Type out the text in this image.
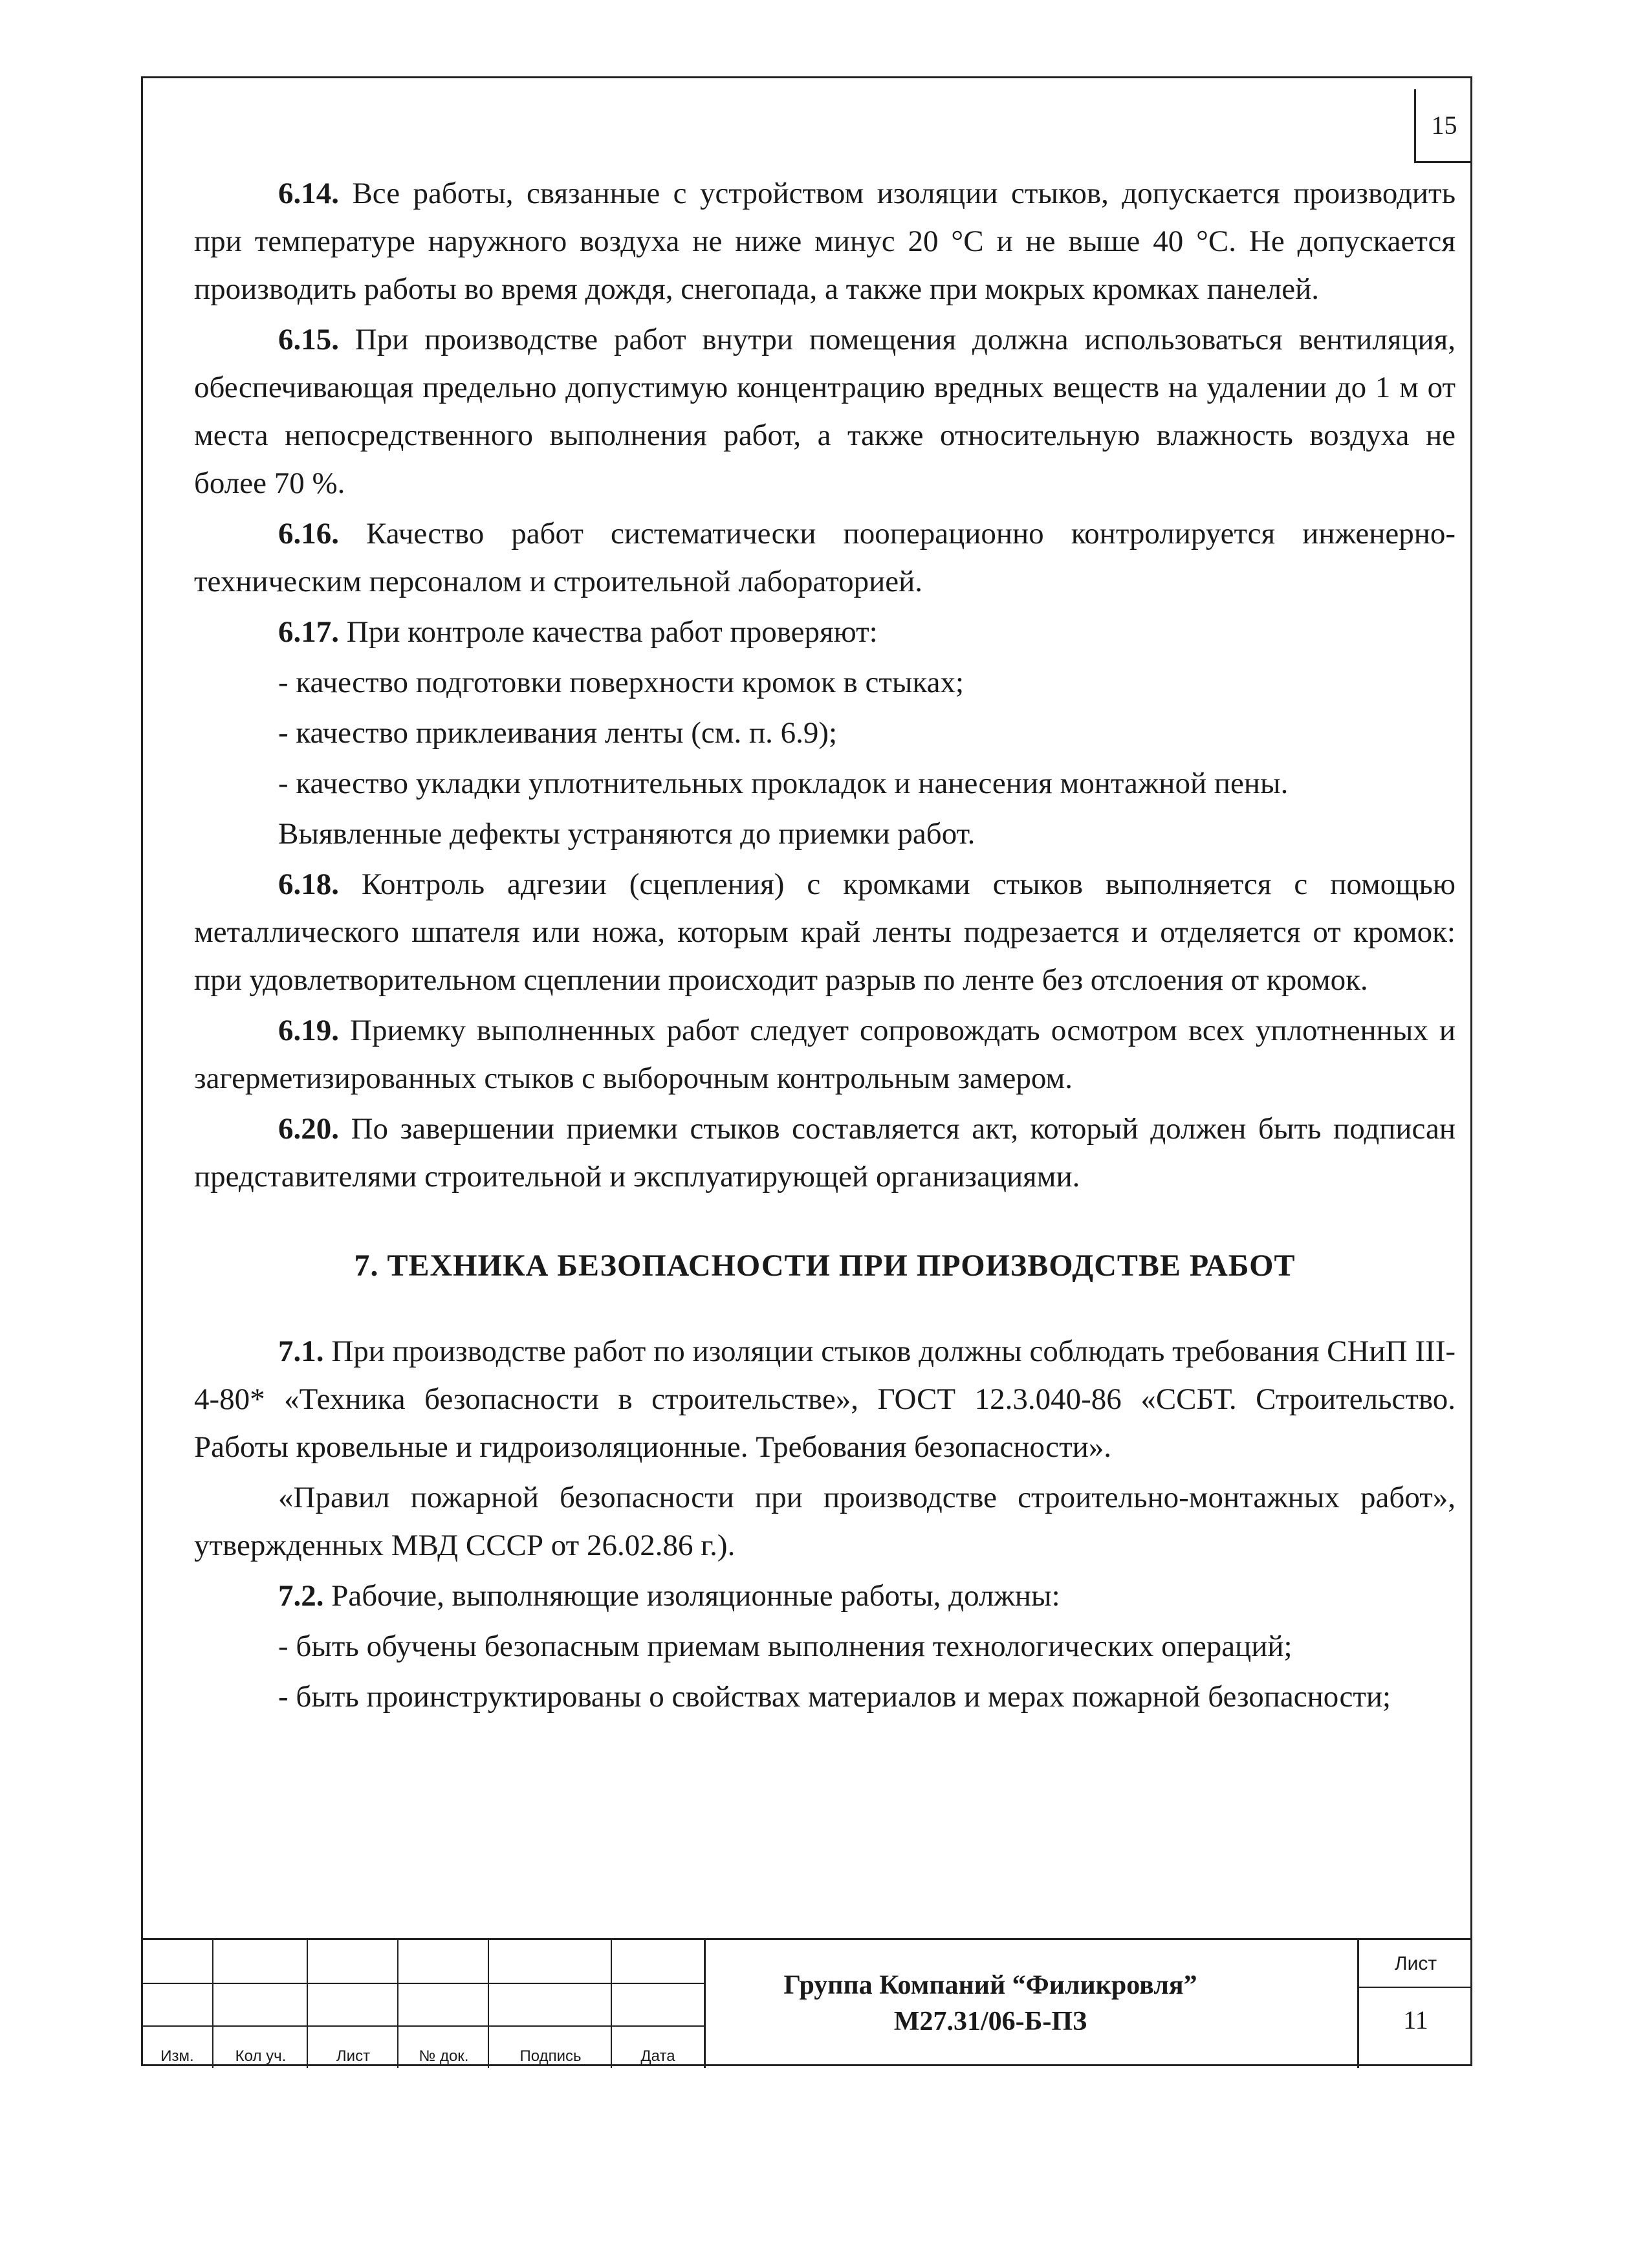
15

6.14. Все работы, связанные с устройством изоляции стыков, допускается производить при температуре наружного воздуха не ниже минус 20 °С и не выше 40 °С. Не допускается производить работы во время дождя, снегопада, а также при мокрых кромках панелей.

6.15. При производстве работ внутри помещения должна использоваться вентиляция, обеспечивающая предельно допустимую концентрацию вредных веществ на удалении до 1 м от места непосредственного выполнения работ, а также относительную влажность воздуха не более 70 %.

6.16. Качество работ систематически пооперационно контролируется инженерно-техническим персоналом и строительной лабораторией.

6.17. При контроле качества работ проверяют:

- качество подготовки поверхности кромок в стыках;

- качество приклеивания ленты (см. п. 6.9);

- качество укладки уплотнительных прокладок и нанесения монтажной пены.

Выявленные дефекты устраняются до приемки работ.

6.18. Контроль адгезии (сцепления) с кромками стыков выполняется с помощью металлического шпателя или ножа, которым край ленты подрезается и отделяется от кромок: при удовлетворительном сцеплении происходит разрыв по ленте без отслоения от кромок.

6.19. Приемку выполненных работ следует сопровождать осмотром всех уплотненных и загерметизированных стыков с выборочным контрольным замером.

6.20. По завершении приемки стыков составляется акт, который должен быть подписан представителями строительной и эксплуатирующей организациями.

7. ТЕХНИКА БЕЗОПАСНОСТИ ПРИ ПРОИЗВОДСТВЕ РАБОТ

7.1. При производстве работ по изоляции стыков должны соблюдать требования СНиП III-4-80* «Техника безопасности в строительстве», ГОСТ 12.3.040-86 «ССБТ. Строительство. Работы кровельные и гидроизоляционные. Требования безопасности».

«Правил пожарной безопасности при производстве строительно-монтажных работ», утвержденных МВД СССР от 26.02.86 г.).

7.2. Рабочие, выполняющие изоляционные работы, должны:

- быть обучены безопасным приемам выполнения технологических операций;

- быть проинструктированы о свойствах материалов и мерах пожарной безопасности;

Изм.	Кол уч.	Лист	№ док.	Подпись	Дата
Группа Компаний “Филикровля”
М27.31/06-Б-ПЗ
Лист
11
